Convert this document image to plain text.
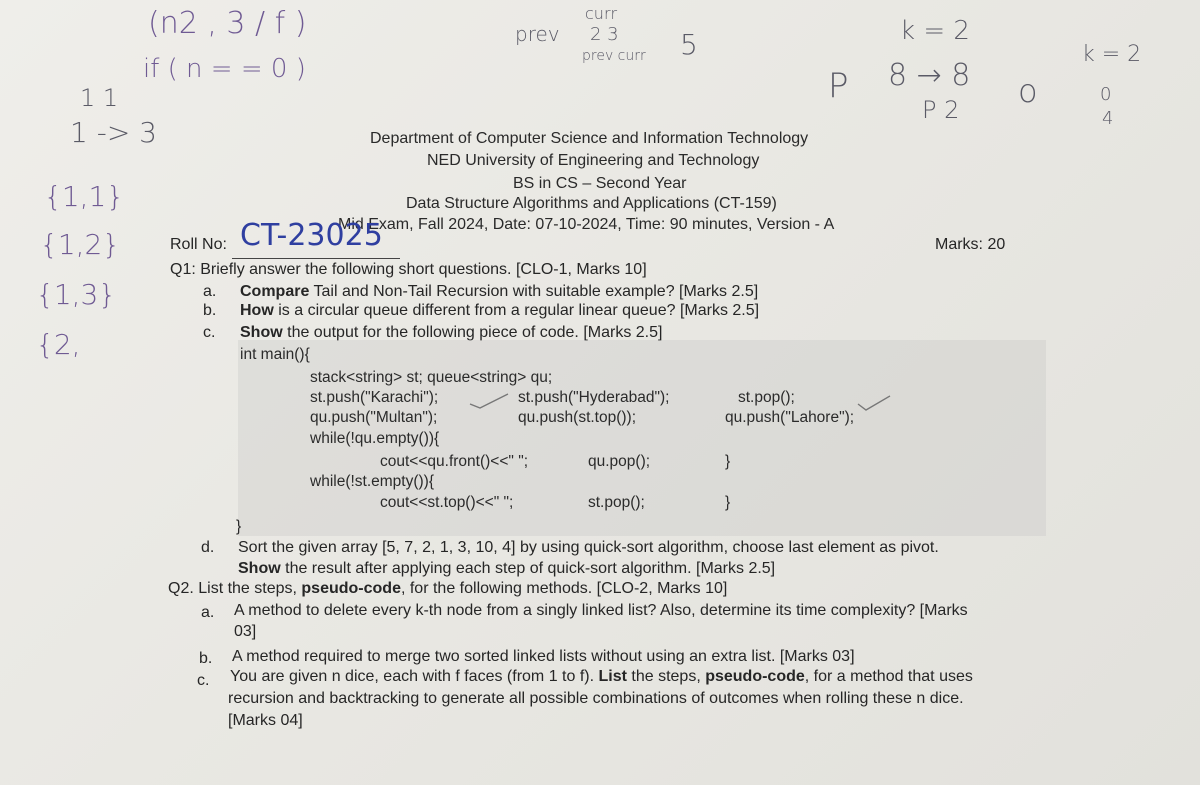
(n2 , 3 / f )
if ( n = = 0 )
1 1
1 -> 3
{1,1}
{1,2}
{1,3}
{2,
prev
curr
2 3
prev curr 5
P
k = 2
8 → 8
P 2 o
k = 2
0
4
Department of Computer Science and Information Technology
NED University of Engineering and Technology
BS in CS – Second Year
Data Structure Algorithms and Applications (CT-159)
Mid Exam, Fall 2024, Date: 07-10-2024, Time: 90 minutes, Version - A
Roll No: CT-23025	Marks: 20
Q1: Briefly answer the following short questions. [CLO-1, Marks 10]
a. Compare Tail and Non-Tail Recursion with suitable example? [Marks 2.5]
b. How is a circular queue different from a regular linear queue? [Marks 2.5]
c. Show the output for the following piece of code. [Marks 2.5]
int main(){
stack<string> st; queue<string> qu;
st.push("Karachi");	st.push("Hyderabad");	st.pop();
qu.push("Multan");	qu.push(st.top());	qu.push("Lahore");
while(!qu.empty()){
cout<<qu.front()<<" ";	qu.pop();	}
while(!st.empty()){
cout<<st.top()<<" ";	st.pop();	}
}
d. Sort the given array [5, 7, 2, 1, 3, 10, 4] by using quick-sort algorithm, choose last element as pivot.
Show the result after applying each step of quick-sort algorithm. [Marks 2.5]
Q2. List the steps, pseudo-code, for the following methods. [CLO-2, Marks 10]
a. A method to delete every k-th node from a singly linked list? Also, determine its time complexity? [Marks
03]
b. A method required to merge two sorted linked lists without using an extra list. [Marks 03]
c. You are given n dice, each with f faces (from 1 to f). List the steps, pseudo-code, for a method that uses
recursion and backtracking to generate all possible combinations of outcomes when rolling these n dice.
[Marks 04]
